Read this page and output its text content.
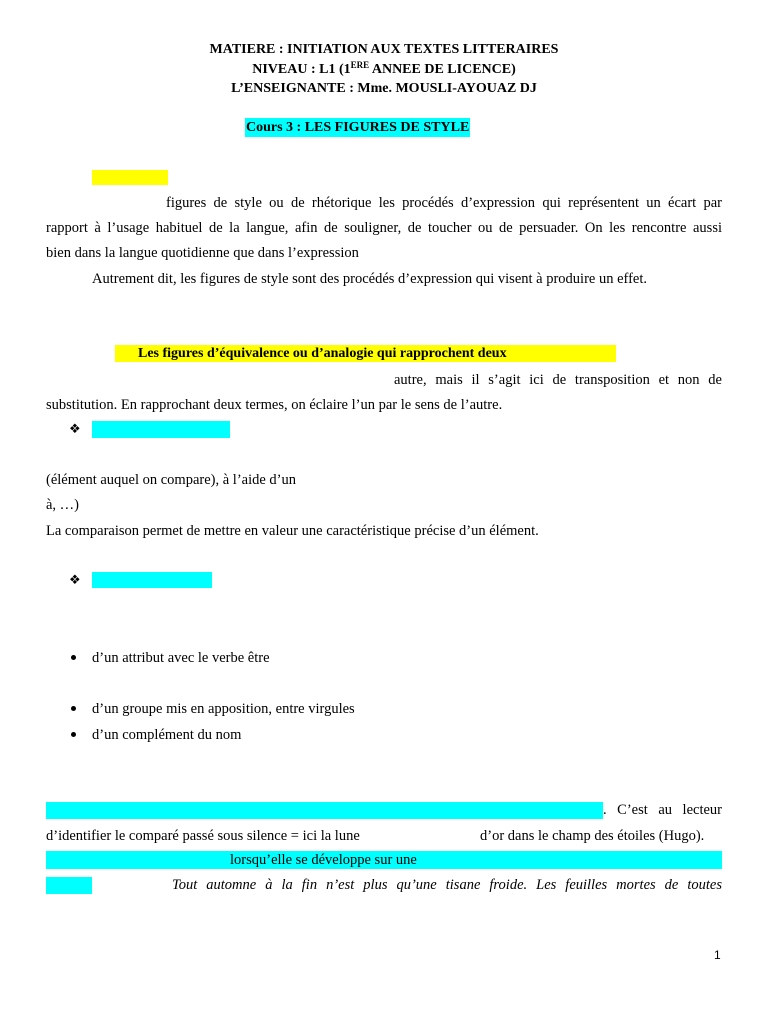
MATIERE : INITIATION AUX TEXTES LITTERAIRES
NIVEAU : L1 (1ERE ANNEE DE LICENCE)
L’ENSEIGNANTE : Mme. MOUSLI-AYOUAZ DJ
Cours 3 : LES FIGURES DE STYLE
figures de style ou de rhétorique les procédés d’expression qui représentent un écart par
rapport à l’usage habituel de la langue, afin de souligner, de toucher ou de persuader. On les rencontre aussi
bien dans la langue quotidienne que dans l’expression
Autrement dit, les figures de style sont des procédés d’expression qui visent à produire un effet.
Les figures d’équivalence ou d’analogie qui rapprochent deux
autre, mais il s’agit ici de transposition et non de
substitution. En rapprochant deux termes, on éclaire l’un par le sens de l’autre.
❖
(élément auquel on compare), à l’aide d’un
à, …)
La comparaison permet de mettre en valeur une caractéristique précise d’un élément.
❖
d’un attribut avec le verbe être
d’un groupe mis en apposition, entre virgules
d’un complément du nom
. C’est au lecteur
d’identifier le comparé passé sous silence = ici la lune	d’or dans le champ des étoiles (Hugo).
lorsqu’elle se développe sur une
Tout automne à la fin n’est plus qu’une tisane froide. Les feuilles mortes de toutes
1
